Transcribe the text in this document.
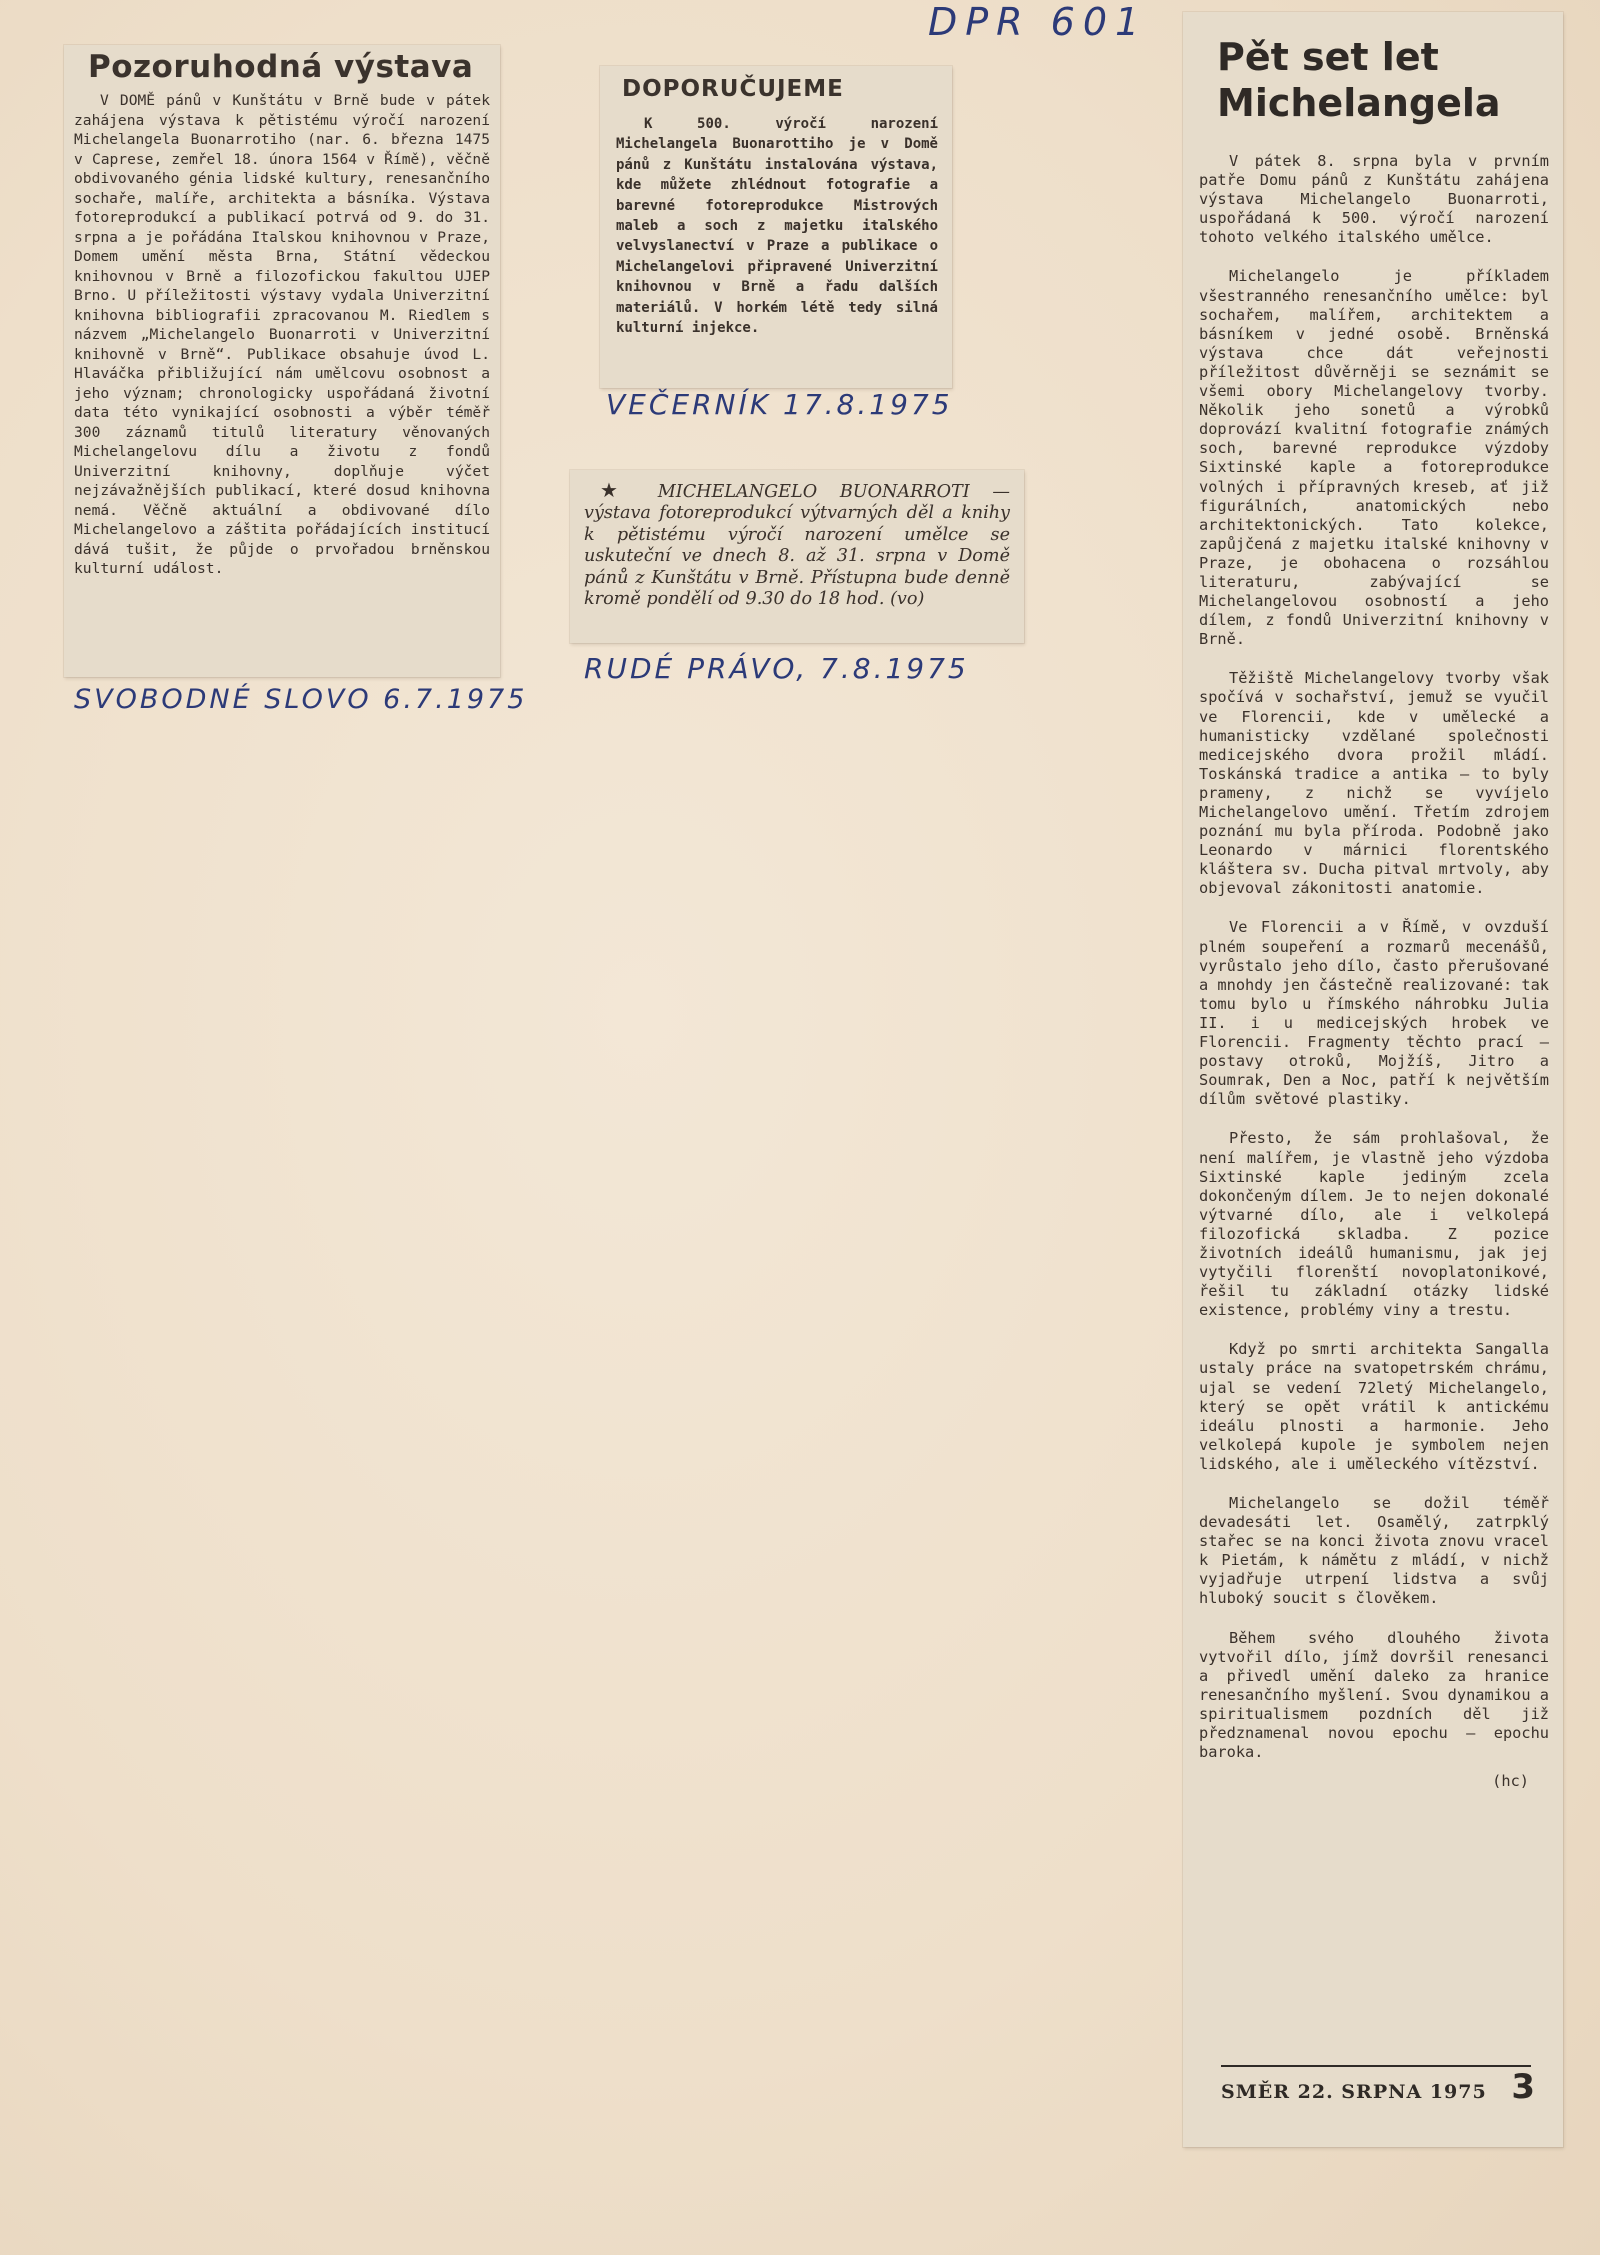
DPR 601
Pozoruhodná výstava

V DOMĚ pánů v Kunštátu v Brně bude v pátek zahájena výstava k pětistému výročí narození Michelangela Buonarrotiho (nar. 6. března 1475 v Caprese, zemřel 18. února 1564 v Římě), věčně obdivovaného génia lidské kultury, renesančního sochaře, malíře, architekta a básníka. Výstava fotoreprodukcí a publikací potrvá od 9. do 31. srpna a je pořádána Italskou knihovnou v Praze, Domem umění města Brna, Státní vědeckou knihovnou v Brně a filozofickou fakultou UJEP Brno. U příležitosti výstavy vydala Univerzitní knihovna bibliografii zpracovanou M. Riedlem s názvem „Michelangelo Buonarroti v Univerzitní knihovně v Brně“. Publikace obsahuje úvod L. Hlaváčka přibližující nám umělcovu osobnost a jeho význam; chronologicky uspořádaná životní data této vynikající osobnosti a výběr téměř 300 záznamů titulů literatury věnovaných Michelangelovu dílu a životu z fondů Univerzitní knihovny, doplňuje výčet nejzávažnějších publikací, které dosud knihovna nemá. Věčně aktuální a obdivované dílo Michelangelovo a záštita pořádajících institucí dává tušit, že půjde o prvořadou brněnskou kulturní událost.

SVOBODNÉ SLOVO 6.7.1975
DOPORUČUJEME

K 500. výročí narození Michelangela Buonarottiho je v Domě pánů z Kunštátu instalována výstava, kde můžete zhlédnout fotografie a barevné fotoreprodukce Mistrových maleb a soch z majetku italského velvyslanectví v Praze a publikace o Michelangelovi připravené Univerzitní knihovnou v Brně a řadu dalších materiálů. V horkém létě tedy silná kulturní injekce.

VEČERNÍK 17.8.1975

★ MICHELANGELO BUONARROTI — výstava fotoreprodukcí výtvarných děl a knihy k pětistému výročí narození umělce se uskuteční ve dnech 8. až 31. srpna v Domě pánů z Kunštátu v Brně. Přístupna bude denně kromě pondělí od 9.30 do 18 hod. (vo)

RUDÉ PRÁVO, 7.8.1975
Pět set let
Michelangela

V pátek 8. srpna byla v prvním patře Domu pánů z Kunštátu zahájena výstava Michelangelo Buonarroti, uspořádaná k 500. výročí narození tohoto velkého italského umělce.

Michelangelo je příkladem všestranného renesančního umělce: byl sochařem, malířem, architektem a básníkem v jedné osobě. Brněnská výstava chce dát veřejnosti příležitost důvěrněji se seznámit se všemi obory Michelangelovy tvorby. Několik jeho sonetů a výrobků doprovází kvalitní fotografie známých soch, barevné reprodukce výzdoby Sixtinské kaple a fotoreprodukce volných i přípravných kreseb, ať již figurálních, anatomických nebo architektonických. Tato kolekce, zapůjčená z majetku italské knihovny v Praze, je obohacena o rozsáhlou literaturu, zabývající se Michelangelovou osobností a jeho dílem, z fondů Univerzitní knihovny v Brně.

Těžiště Michelangelovy tvorby však spočívá v sochařství, jemuž se vyučil ve Florencii, kde v umělecké a humanisticky vzdělané společnosti medicejského dvora prožil mládí. Toskánská tradice a antika — to byly prameny, z nichž se vyvíjelo Michelangelovo umění. Třetím zdrojem poznání mu byla příroda. Podobně jako Leonardo v márnici florentského kláštera sv. Ducha pitval mrtvoly, aby objevoval zákonitosti anatomie.

Ve Florencii a v Římě, v ovzduší plném soupeření a rozmarů mecenášů, vyrůstalo jeho dílo, často přerušované a mnohdy jen částečně realizované: tak tomu bylo u římského náhrobku Julia II. i u medicejských hrobek ve Florencii. Fragmenty těchto prací — postavy otroků, Mojžíš, Jitro a Soumrak, Den a Noc, patří k největším dílům světové plastiky.

Přesto, že sám prohlašoval, že není malířem, je vlastně jeho výzdoba Sixtinské kaple jediným zcela dokončeným dílem. Je to nejen dokonalé výtvarné dílo, ale i velkolepá filozofická skladba. Z pozice životních ideálů humanismu, jak jej vytyčili florenští novoplatonikové, řešil tu základní otázky lidské existence, problémy viny a trestu.

Když po smrti architekta Sangalla ustaly práce na svatopetrském chrámu, ujal se vedení 72letý Michelangelo, který se opět vrátil k antickému ideálu plnosti a harmonie. Jeho velkolepá kupole je symbolem nejen lidského, ale i uměleckého vítězství.

Michelangelo se dožil téměř devadesáti let. Osamělý, zatrpklý stařec se na konci života znovu vracel k Pietám, k námětu z mládí, v nichž vyjadřuje utrpení lidstva a svůj hluboký soucit s člověkem.

Během svého dlouhého života vytvořil dílo, jímž dovršil renesanci a přivedl umění daleko za hranice renesančního myšlení. Svou dynamikou a spiritualismem pozdních děl již předznamenal novou epochu — epochu baroka.

(hc)

SMĚR 22. SRPNA 1975 3
